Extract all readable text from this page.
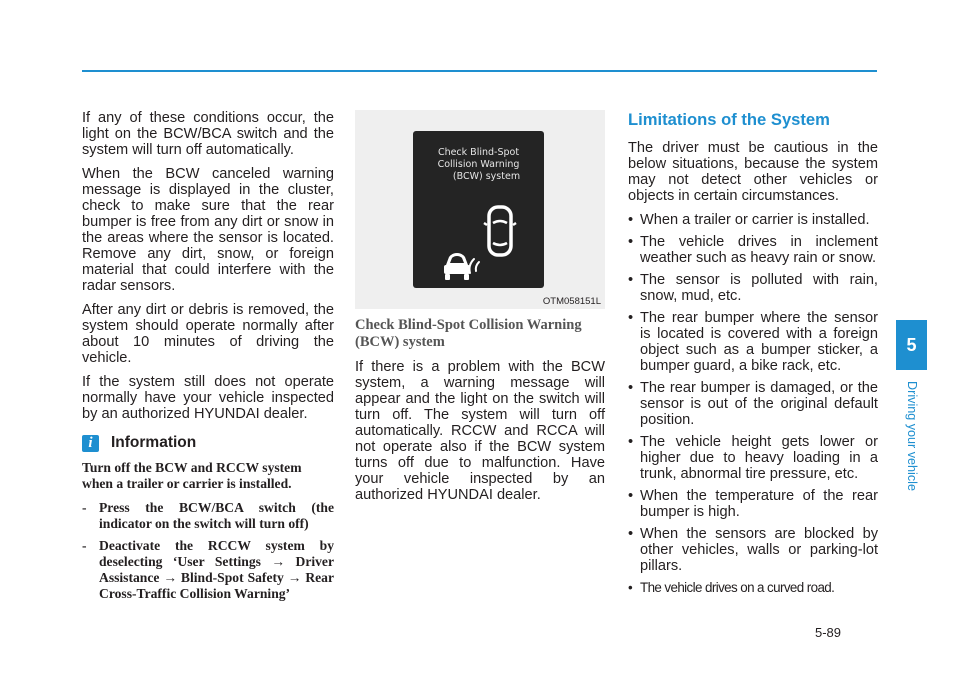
If any of these conditions occur, the light on the BCW/BCA switch and the system will turn off automatically.

When the BCW canceled warning message is displayed in the cluster, check to make sure that the rear bumper is free from any dirt or snow in the areas where the sensor is located. Remove any dirt, snow, or foreign material that could interfere with the radar sensors.

After any dirt or debris is removed, the system should operate normally after about 10 minutes of driving the vehicle.

If the system still does not operate normally have your vehicle inspected by an authorized HYUNDAI dealer.

i	Information

Turn off the BCW and RCCW system when a trailer or carrier is installed.

- Press the BCW/BCA switch (the indicator on the switch will turn off)
- Deactivate the RCCW system by deselecting ‘User Settings → Driver Assistance → Blind-Spot Safety → Rear Cross-Traffic Collision Warning’
Check Blind-Spot
Collision Warning
(BCW) system
OTM058151L
Check Blind-Spot Collision Warning (BCW) system

If there is a problem with the BCW system, a warning message will appear and the light on the switch will turn off. The system will turn off automatically. RCCW and RCCA will not operate also if the BCW system turns off due to malfunction. Have your vehicle inspected by an authorized HYUNDAI dealer.

Limitations of the System

The driver must be cautious in the below situations, because the system may not detect other vehicles or objects in certain circumstances.

• When a trailer or carrier is installed.
• The vehicle drives in inclement weather such as heavy rain or snow.
• The sensor is polluted with rain, snow, mud, etc.
• The rear bumper where the sensor is located is covered with a foreign object such as a bumper sticker, a bumper guard, a bike rack, etc.
• The rear bumper is damaged, or the sensor is out of the original default position.
• The vehicle height gets lower or higher due to heavy loading in a trunk, abnormal tire pressure, etc.
• When the temperature of the rear bumper is high.
• When the sensors are blocked by other vehicles, walls or parking-lot pillars.
• The vehicle drives on a curved road.
5
Driving your vehicle
5-89
